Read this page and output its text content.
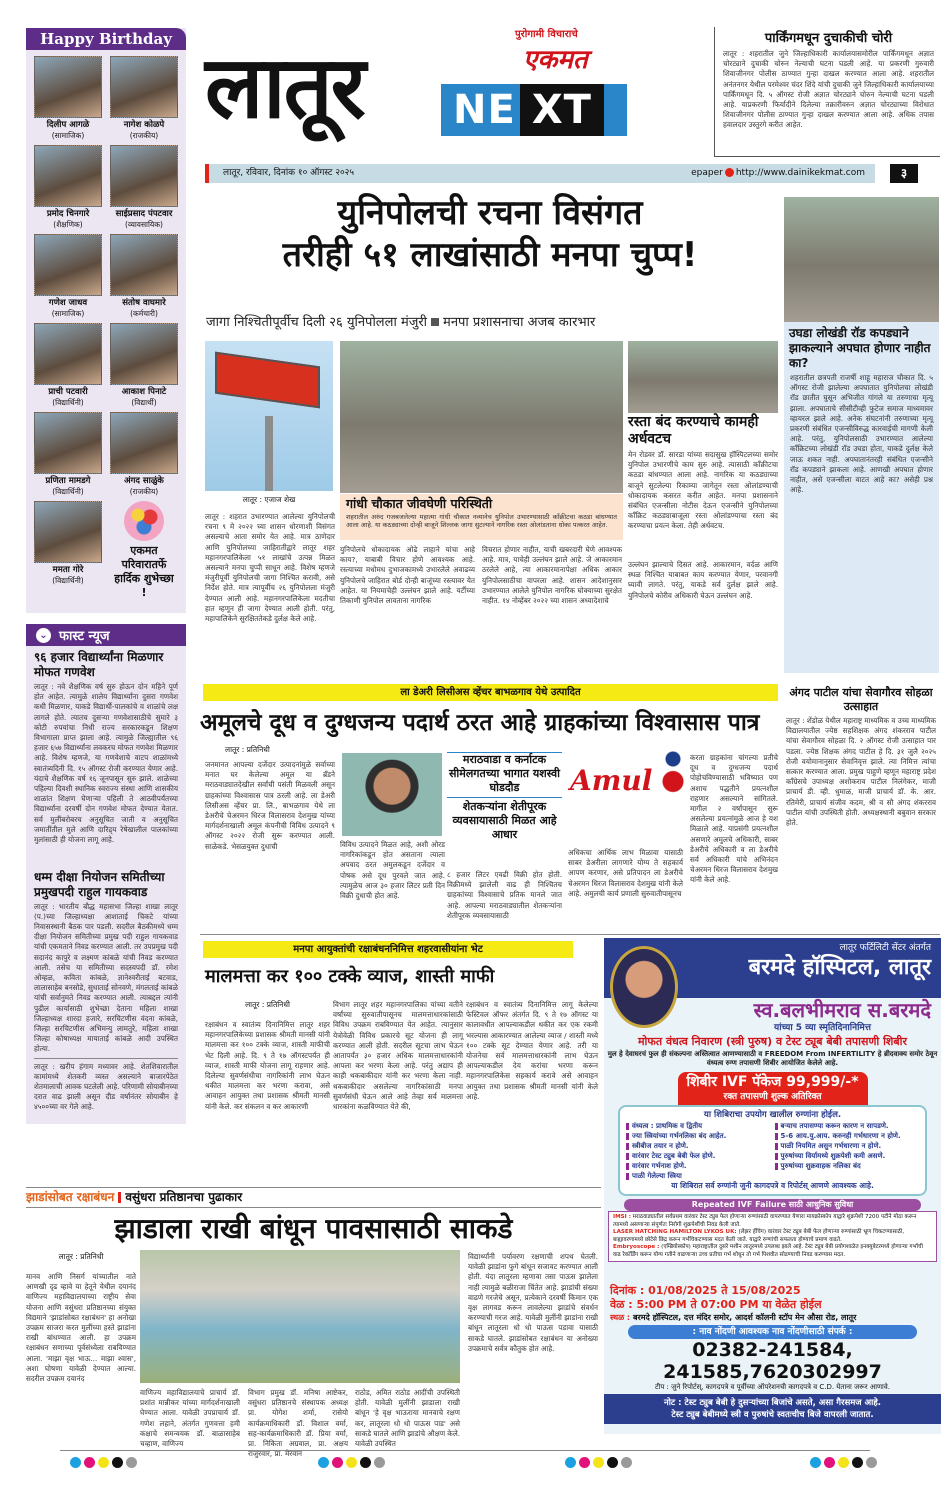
लातूर
पुरोगामी विचाराचे
एकमत
NE XT
लातूर, रविवार, दिनांक १० ऑगस्ट २०२५	epaper http://www.dainikekmat.com	३
पार्किंगमधून दुचाकीची चोरी
लातूर : शहरातील जुने जिल्हाधिकारी कार्यालयासमोरील पार्किंगमधून अज्ञात चोरट्याने दुचाकी चोरुन नेल्याची घटना घडली आहे. या प्रकरणी गुरुवारी शिवाजीनगर पोलीस ठाण्यात गुन्हा दाखल करण्यात आला आहे. शहरातील अनंतनगर येथील परमेश्वर चंदर शिंदे यांची दुचाकी जुने जिल्हाधिकारी कार्यालयाच्या पार्किंगमधून दि. ५ ऑगस्ट रोजी अज्ञात चोरट्याने चोरुन नेल्याची घटना घडली आहे. याप्रकरणी फिर्यादीने दिलेल्या तक्रारीवरुन अज्ञात चोरट्याच्या विरोधात शिवाजीनगर पोलीस ठाण्यात गुन्हा दाखल करण्यात आला आहे. अधिक तपास हवालदार उस्तुरगे करीत आहेत.
Happy Birthday
दिलीप आगळे
(सामाजिक)
नागेश कोळपे
(राजकीय)
प्रमोद चिनगारे
(शैक्षणिक)
साईप्रसाद पंपटवार
(व्यावसायिक)
गणेश जाधव
(सामाजिक)
संतोष वाघमारे
(कर्मचारी)
प्राची पटवारी
(विद्यार्थिनी)
आकाश पिनाटे
(विद्यार्थी)
प्रणिता मामडगे
(विद्यार्थिनी)
अंगद साळुंके
(राजकीय)
ममता गोरे
(विद्यार्थिनी)
एकमत परिवारातर्फे हार्दिक शुभेच्छा !
⌄ फास्ट न्यूज
९६ हजार विद्यार्थ्यांना मिळणार मोफत गणवेश
लातूर : नवे शैक्षणिक वर्ष सुरु होऊन दोन महिने पूर्ण होत आहेत. त्यामुळे शालेय विद्यार्थ्यांना दुसरा गणवेश कधी मिळणार, याकडे विद्यार्थी-पालकांचे व शाळांचे लक्ष लागले होते. त्यातच दुसऱ्या गणवेशासाठीचे सुमारे ३ कोटी रुपयांचा निधी राज्य सरकारकडून शिक्षण विभागाला प्राप्त झाला आहे. त्यामुळे जिल्ह्यातील ९६ हजार ६५७ विद्यार्थ्यांना लवकरच मोफत गणवेश मिळणार आहे. विशेष म्हणजे, या गणवेशाचे वाटप शाळांमध्ये स्वातंत्र्यदिनी दि. १५ ऑगस्ट रोजी करण्यात येणार आहे. यंदाचे शैक्षणिक वर्ष १६ जूनपासून सुरु झाले. शाळेच्या पहिल्या दिवशी स्थानिक स्वराज्य संस्था आणि शासकीय शाळांत शिक्षण घेणाऱ्या पहिली ते आठवीपर्यंतच्या विद्यार्थ्यांना दरवर्षी दोन गणवेश मोफत देण्यात येतात. सर्व मुलींबरोबरच अनुसूचित जाती व अनुसूचित जमातींतील मुले आणि दारिद्र्य रेषेखालील पालकांच्या मुलांसाठी ही योजना लागू आहे.
धम्म दीक्षा नियोजन समितीच्या प्रमुखपदी राहुल गायकवाड
लातूर : भारतीय बौद्ध महासभा जिल्हा शाखा लातूर (प.)च्या जिल्हाध्यक्षा आशाताई चिकटे यांच्या निवासस्थानी बैठक पार पडली. सदरील बैठकीमध्ये धम्म दीक्षा नियोजन समितीच्या प्रमुख पदी राहुल गायकवाड यांची एकमताने निवड करण्यात आली. तर उपप्रमुख पदी सदानंद कापुरे व लक्ष्मण कांबळे यांची निवड करण्यात आली. तसेच या समितीच्या सदस्यपदी डॉ. रमेश ओव्हळ, कविता कांबळे, ज्ञानेश्वरीताई बटवाड, लालासाहेब बनसोडे, सुधाताई सोनवणे, मंगलताई कांबळे यांची सर्वानुमते निवड करण्यात आली. त्याबद्दल त्यांनी पुढील कार्यासाठी शुभेच्छा देताना महिला शाखा जिल्हाध्यक्ष शारदा हजारे, सरचिटणीस वंदना कांबळे, जिल्हा सरचिटणीस अभिमन्यु लामतुरे, महिला शाखा जिल्हा कोषाध्यक्ष मायाताई कांबळे आदी उपस्थित होत्या.
लातूर : खरीप हंगाम मध्यावर आहे. शेतशिवारातील कामांमध्ये शेतकरी व्यस्त असल्याने बाजारपेठेत शेतमालाची आवक घटलेली आहे. परिणामी सोयाबीनच्या दरात वाढ झाली असून दीड वर्षांनंतर सोयाबीन हे ४५००च्या वर गेले आहे.
युनिपोलची रचना विसंगत
तरीही ५१ लाखांसाठी मनपा चुप्प!
जागा निश्चितीपूर्वीच दिली २६ युनिपोलला मंजुरी मनपा प्रशासनाचा अजब कारभार
लातूर : एजाज शेख
लातूर : शहरात उभारण्यात आलेल्या युनिपोलची रचना ९ मे २०२२ च्या शासन धोरणाशी विसंगत असल्याचे आता समोर येत आहे. मात्र ठाणेदार आणि युनिपोलच्या जाहिरातीद्वारे लातूर शहर महानगरपालिकेला ५१ लाखांचे उत्पन्न मिळत असल्याने मनपा चुप्पी साधून आहे. विशेष म्हणजे मंजुरीपूर्वी युनिपोलची जागा निश्चित करावी, असे निर्देश होते. मात्र त्यापूर्वीच २६ युनिपोलला मंजुरी देण्यात आली आहे. महानगरपालिकेला मदतीचा हात म्हणून ही जागा देण्यात आली होती. परंतु, महापालिकेने सुरक्षिततेकडे दुर्लक्ष केले आहे.
गांधी चौकात जीवघेणी परिस्थिती
शहरातील अरुंद गजबजलेल्या महात्मा गांधी चौकात नव्यानेच युनिपोल उभारण्यासाठी काँक्रीटचा कठडा बांधण्यात आला आहे. या कठड्याच्या दोन्ही बाजूने शिल्लक जागा सुटल्याने नागरिक रस्ता ओलांडताना धोका पत्करत आहेत.
युनिपोलचे धोकादायक ओढे लाहाने यांचा आहे काय?, याबाबी विचार होणे आवश्यक आहे. रस्त्याच्या मधोमध दुभाजकामध्ये उभारलेले अवाढव्य युनिपोलचे जाहिरात बोर्ड दोन्ही बाजूंच्या रस्त्यावर येत आहेत. या नियमाचेही उल्लंघन झाले आहे. यर्टीच्या तिकाणी युनिपोल लावताना नागरिक
विचरात होणार नाहीत, याची खबरदारी घेणे आवश्यक आहे. मात्र, याचेही उल्लंघन झाले आहे. जे आकारमान ठरलेले आहे, त्या आकारमानापेक्षा अधिक आकार युनिपोलसाठीचा वापरला आहे. शासन आदेशानुसार उभारण्यात आलेले युनिपोल नागरिक घोक्याच्या सुरक्षेत नाहीत. १४ नोव्हेंबर २०२२ च्या शासन अध्यादेशाचे
रस्ता बंद करण्याचे कामही अर्धवटच
मेन रोडवर डॉ. सारडा यांच्या सदासुख हॉस्पिटलच्या समोर युनिपोल उभारणीचे काम सुरु आहे. त्यासाठी काँक्रीटचा कठडा बांधण्यात आला आहे. नागरिक या कठड्याच्या बाजूने सुटलेल्या रिकाम्या जागेतून रस्ता ओलांडण्याची धोकादायक कसरत करीत आहेत. मनपा प्रशासनाने संबंधित एजन्सीला नोटीस देऊन एजन्सीने युनिपोलच्या कॉंक्रिट कठड्याबाजूला रस्ता ओलांडण्याचा रस्ता बंद करण्याचा प्रयत्न केला. तेही अर्धवटच.
उल्लंघन झाल्याचे दिसत आहे. आकारमान, वर्दळ आणि स्थळ निश्चित याबाबत काय करण्यात येणार, परवानगी घ्यावी लागते. परंतु, याकडे सर्व दुर्लक्ष झाले आहे. युनिपोलचे कोरीव अधिकारी घेऊन उल्लंघन आहे.
उघडा लोखंडी रॉड कपड्याने झाकल्याने अपघात होणार नाहीत का?
शहरातील छत्रपती राजर्षी शाहू महाराज चौकात दि. ५ ऑगस्ट रोजी झालेल्या अपघातात युनिपोलचा लोखंडी रॉड छातीत घुसून अभिजीत गांगले या तरुणाचा मृत्यू झाला. अपघाताचे सीसीटीव्ही फुटेज समाज माध्यमावर व्हायरल झाले आहे. अनेक संघटनांनी तरुणाच्या मृत्यू प्रकरणी संबंधित एजन्सीविरुद्ध कारवाईची मागणी केली आहे. परंतु, युनिपोलसाठी उभारण्यात आलेल्या काँक्रिटच्या लोखंडी रॉड उघडा होता, याकडे दुर्लक्ष केले जाऊ शकत नाही. अपघातानंतरही संबंधित एजन्सीने रॉड कपड्याने झाकला आहे. आणखी अपघात होणार नाहीत, असे एजन्सीला वाटत आहे का? असेही प्रश्न आहे.
ला डेअरी लिसीअस व्हेंचर बाभळगाव येथे उत्पादित
अमूलचे दूध व दुग्धजन्य पदार्थ ठरत आहे ग्राहकांच्या विश्वासास पात्र
लातूर : प्रतिनिधी
जनमानत आपल्या दर्जेदार उत्पादनांमुळे सर्वाच्या मनात घर केलेल्या अमूल या ब्रॅंडने मराठवाड्यातदेखील सर्वांची पसंती मिळवली असून ग्राहकांच्या विश्वासास पात्र ठरली आहे. ला डेअरी लिसीअस व्हेंचर प्रा. लि., बाभळगाव येथे ला डेअरीचे चेअरमन धिरज विलासराव देशमुख यांच्या मार्गदर्शनाखाली अमूल कंपनीची विविध उत्पादने ९ ऑगस्ट २०२२ रोजी सुरू करण्यात आली. साळेकडे. भेसळयुक्त दुधाची	विविध उत्पादने मिळत आहे, अशी ओरड नागरिकांकडून होत असताना त्याला अपवाद ठरत अमुलकडून दर्जेदार व पोषक असे दूध पुरवले जात आहे. त्यामुळेच आज ३० हजार लिटर प्रती दिन विक्री दुधाची होत आहे.
मराठवाडा व कर्नाटक सीमेलगतच्या भागात यशस्वी घोडदौड
शेतकऱ्यांना शेतीपूरक व्यवसायासाठी मिळत आहे आधार
८ हजार लिटर एवढी विक्री होत होती. विक्रीमध्ये झालेली वाढ ही निश्चितच ग्राहकांच्या विश्वासाचे प्रतिक मानले जात आहे. आपल्या मराठवाड्यातील शेतकऱ्यांना शेतीपूरक व्यवसायासाठी
Amul
अधिकचा आर्थिक लाभ मिळावा यासाठी साबर डेअरीला लागणारे योग्य ते सहकार्य आपण करणार, असे प्रतिपादन ला डेअरीचे चेअरमन धिरज विलासराव देशमुख यांनी केले आहे. अमुलची कार्य प्रणाली सुरुवातीपासूनच
करता ग्राहकांना चांगल्या प्रतीचे दूध व दुग्धजन्य पदार्थ पोहोचविण्यासाठी भविष्यात पण अशाच पद्धतीने प्रयत्नशील राहणार असल्याने सांगितले. मागील २ वर्षांपासून सुरू असलेल्या प्रयत्नांमुळे आज हे यश मिळाले आहे. याप्रसंगी प्रयत्नशील असणारे अमुलचे अधिकारी, साबर डेअरीचे अधिकारी व ला डेअरीचे सर्व अधिकारी यांचे अभिनंदन चेअरमन धिरज विलासराव देशमुख यांनी केले आहे.
अंगद पाटील यांचा सेवागौरव सोहळा उत्साहात
लातूर : शेंडोळ येथील महाराष्ट्र माध्यमिक व उच्च माध्यमिक विद्यालयातील ज्येष्ठ सहशिक्षक अंगद शंकरराव पाटील यांचा सेवागौरव सोहळा दि. २ ऑगस्ट रोजी उत्साहात पार पडला. ज्येष्ठ शिक्षक अंगद पाटील हे दि. ३१ जुलै २०२५ रोजी वयोमानानुसार सेवानिवृत्त झाले. त्या निमित्त त्यांचा सत्कार करण्यात आला. प्रमुख पाहुणे म्हणून महाराष्ट्र प्रदेश काँग्रेसचे उपाध्यक्ष अशोकराव पाटील निलंगेकर, माजी प्राचार्य डी. व्ही. धुमाळ, माजी प्राचार्य डॉ. के. आर. रतिमेरी, प्राचार्य संजीव कदम, श्री व सौ अंगद शंकरराव पाटील यांची उपस्थिती होती. अध्यक्षस्थानी बबुवान सरकार होते.
मनपा आयुक्तांची रक्षाबंधननिमित्त शहरवासीयांना भेट
मालमत्ता कर १०० टक्के व्याज, शास्ती माफी
लातूर : प्रतिनिधी
रक्षाबंधन व स्वातंत्र्य दिनानिमित्त लातूर शहर महानगरपालिकेच्या प्रशासक श्रीमती मानसी यांनी मालमत्ता कर १०० टक्के व्याज, शास्ती माफीची भेट दिली आहे. दि. ९ ते १७ ऑगस्टपर्यंत ही व्याज, शास्ती माफी योजना लागू राहणार आहे. दिलेल्या सुवर्णसंधीचा नागरिकांनी लाभ घेऊन थकीत मालमत्ता कर भरणा करावा, असे आवाहन आयुक्त तथा प्रशासक श्रीमती मानसी यांनी केले. कर संकलन व कर आकारणी
विभाग लातूर शहर महानगरपालिका यांच्या वतीने वर्षांच्या सुरुवातीपासूनच मालमत्ताधारकांसाठी विविध उपक्रम राबविण्यात येत आहेत. त्यानुसार येत्रोवेळी विविध प्रकारचे सूट योजना ही लागू करण्यात आली होती. सदरील सूटचा लाभ घेऊन आतापर्यंत ३० हजार अधिक मालमत्ताधारकांनी आपला कर भरणा केला आहे. परंतु अद्याप ही काही थकबाकीदार यांनी कर भरणा केला नाही. थकबाकीदार असलेल्या नागरिकांसाठी मनपा सुवर्णसंधी घेऊन आले आहे तेव्हा सर्व मालमत्ता धारकांना कळविण्यात येते की,
रक्षाबंधन व स्वातंत्र्य दिनानिमित्त लागू केलेल्या फेस्टिवल ऑफर अंतर्गत दि. ९ ते १७ ऑगस्ट या कालावधीत आपल्याकडील थकीत कर एक रकमी भरल्यास आकारण्यात आलेल्या व्याज / शास्ती मध्ये १०० टक्के सूट देण्यात येणार आहे. तरी या योजनेचा सर्व मालमत्ताधारकांनी लाभ घेऊन आपल्याकडील देय करांचा भरणा करून महानगरपालिकेस सहकार्य करावे असे आवाहन आयुक्त तथा प्रशासक श्रीमती मानसी यांनी केले आहे.
लातूर फर्टिलिटी सेंटर अंतर्गत
बरमदे हॉस्पिटल, लातूर
स्व.बलभीमराव स.बरमदे
यांच्या 5 व्या स्मृतिदिनानिमित्त
मोफत वंधत्व निवारण (स्त्री पुरुष) व टेस्ट ट्यूब बेबी तपासणी शिबीर
मुल हे देवाघरचं फुल ही संकल्पना अस्तित्वात आणण्यासाठी व FREEDOM From INFERTILITY हे ब्रीदवाक्य समोर ठेवून वंध्यत्व रुग्ण तपासणी शिबीर आयोजित केलेले आहे.
शिबीर IVF पॅकेज 99,999/-*
रक्त तपासणी शुल्क अतिरिक्त
या शिबिराचा उपयोग खालील रुग्णांना होईल.
वंध्यत्व : प्राथमिक व द्वितीय	बऱ्याच तपासण्या करून कारण न सापडणे.
ज्या स्त्रियांच्या गर्भनलिका बंद आहेत.	5-6 आय.यु.आय. करुनही गर्भधारणा न होणे.
स्त्रीबीज तयार न होणे.	पाळी नियमित असुन गर्भधारणा न होणे.
वारंवार टेस्ट ट्युब बेबी फेल होणे.	पुरुषांच्या विर्यामध्ये शुक्रपेशी कमी असणे.
वारंवार गर्भनाश होणे.	पुरुषांच्या शुक्रवाहक नलिका बंद
पाळी गेलेल्या स्त्रिया
या शिबिरात सर्व रुग्णांनी जुनी कागदपत्रे व रिपोर्टस् आणणे आवश्यक आहे.
Repeated IVF Failure साठी आधुनिक सुविधा
IMSI : मराठवाड्यातील सर्वप्रथम वारंवार टेस्ट ट्युब फेल होणाऱ्या रुग्णांसाठी वापरण्यात येणारा मायक्रोस्कोप याद्वारे शुक्रपेशी 7200 पटीने मोठा करून त्यामध्ये असणाऱ्या संपूर्णतः निरोगी शुक्रपेशींची निवड केली जाते.
LASER HATCHING HAMILTON LYKOS UK: (लेझर हॅचिंग) वारंवार टेस्ट ट्युब बेबी फेल होणाऱ्या रुग्णांसाठी भ्रूण चिकटण्यासाठी, बाह्यावरणामध्ये छोटेसे छिद्र करून गर्भचिकटण्यास मदत केली जाते. याद्वारे रुग्णांची सफलता होण्याचे प्रमाण वाढते.
Embryoscope : (एम्ब्रियोस्कोप) महाराष्ट्रातील दुसरे मशीन लातूरमध्ये उपलब्ध झाले आहे. टेस्ट ट्युब बेबी प्रयोगशाळेत इनक्युबेटरमध्ये होणाऱ्या गर्भाची वाढ रेकॉर्डिंग करून योग्य गतीने वाढणाऱ्या उच्च प्रतीचा गर्भ शोधून तो गर्भ पिशवीत सोडण्याची निवड करण्यास मदत.
दिनांक : 01/08/2025 ते 15/08/2025
वेळ : 5:00 PM ते 07:00 PM या वेळेत होईल
स्थळ : बरमदे हॉस्पिटल, दत्त मंदिर समोर, आदर्श कॉलनी स्टॉप मेन औसा रोड, लातूर
: नाव नोंदणी आवश्यक नाव नोंदणीसाठी संपर्क :
02382-241584, 241585,7620302997
टीप : जुने रिपोर्टस्, कागदपत्रे व पूर्वीच्या ऑपरेशनची कागदपत्रे व C.D. येताना जरूर आणावे.
नोट : टेस्ट ट्युब बेबी हे दुसऱ्यांच्या बिजांचे असते, असा गैरसमज आहे.
टेस्ट ट्युब बेबीमध्ये स्त्री व पुरुषांचे स्वतःचीच बिजे वापरली जातात.
झाडांसोबत रक्षाबंधन वसुंधरा प्रतिष्ठानचा पुढाकार
झाडाला राखी बांधून पावसासाठी साकडे
लातूर : प्रतिनिधी
मानव आणि निसर्ग यांच्यातील नाते आणखी दृढ व्हावे या हेतूने येथील दयानंद वाणिज्य महाविद्यालयाच्या राष्ट्रीय सेवा योजना आणि वसुंधरा प्रतिष्ठानच्या संयुक्त विद्यमाने 'झाडांसोबत रक्षाबंधन' हा अनोखा उपक्रम साजरा करत मुलींच्या हस्ते झाडांना राखी बांधण्यात आली. हा उपक्रम रक्षाबंधन सणाच्या पूर्वसंध्येला राबविण्यात आला. 'माझा वृक्ष भाऊ... माझा श्वास', अशा घोषणा यावेळी देण्यात आल्या. सदरील उपक्रम दयानंद
वाणिज्य महाविद्यालयाचे प्राचार्य डॉ. प्रशांत मान्नीकर यांच्या मार्गदर्शनाखाली घेण्यात आला. यावेळी उपप्राचार्य डॉ. गणेश लहाने, अंतर्गत गुणवत्ता हमी कक्षाचे समन्वयक डॉ. बाळासाहेब चव्हाण, वाणिज्य
विभाग प्रमुख डॉ. मनिषा आष्टेकर, वसुंधरा प्रतिष्ठानचे संस्थापक अध्यक्ष प्रा. योगेश शर्मा, रासेयो कार्यक्रमाधिकारी डॉ. विशाल वर्मा, सह-कार्यक्रमाधिकारी डॉ. प्रिया वर्मा, प्रा. निकिता अग्रवाल, प्रा. अक्षय राजुरवार, प्रा. मेरवान
राठोड, अमित राठोड आदींची उपस्थिती होती. यावेळी मुलींनी झाडाला राखी बांधून 'हे वृक्ष भाऊराया मानवाचे रक्षण कर, लातूरला धो धो पाऊस पाड' असे साकडे घातले आणि झाडांचे औक्षण केले. यावेळी उपस्थित
विद्यार्थ्यांनी पर्यावरण रक्षणाची शपथ घेतली. यावेळी झाडांना फुगे बांधून सजावट करण्यात आली होती. यंदा लातूरला म्हणावा तसा पाऊस झालेला नाही त्यामुळे बळीराजा चिंतेत आहे. झाडांची संख्या वाढणे गरजेचे असून, प्रत्येकाने दरवर्षी किमान एक वृक्ष लागवड करून लावलेल्या झाडांचे संवर्धन करण्याची गरज आहे. यावेळी मुलींनी झाडांना राखी बांधून लातूरला धो धो पाऊस पडावा यासाठी साकडे घातले. झाडांसोबत रक्षाबंधन या अनोख्या उपक्रमाचे सर्वत्र कौतुक होत आहे.
